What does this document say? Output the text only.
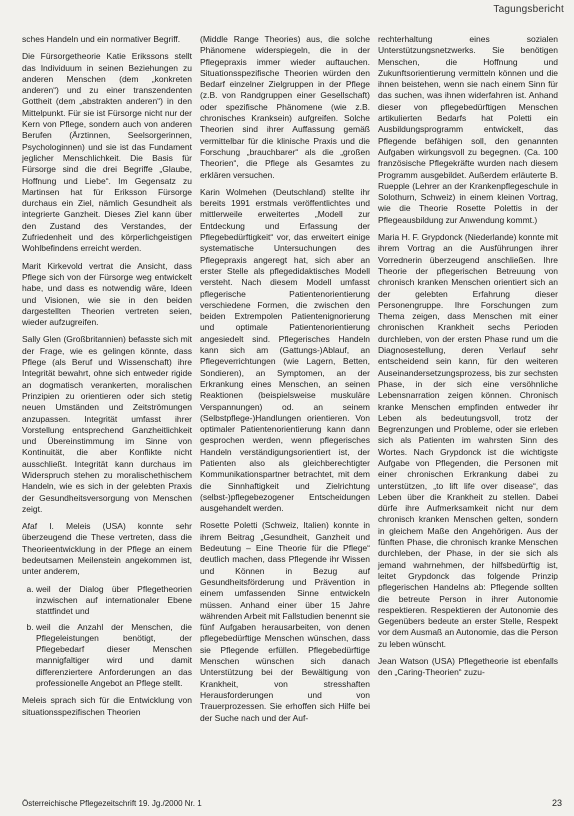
Tagungsbericht

sches Handeln und ein normativer Begriff.

Die Fürsorgetheorie Katie Erikssons stellt das Individuum in seinen Beziehungen zu anderen Menschen (dem „konkreten anderen“) und zu einer transzendenten Gottheit (dem „abstrakten anderen“) in den Mittelpunkt. Für sie ist Fürsorge nicht nur der Kern von Pflege, sondern auch von anderen Berufen (Ärztinnen, Seelsorgerinnen, Psychologinnen) und sie ist das Fundament jeglicher Menschlichkeit. Die Basis für Fürsorge sind die drei Begriffe „Glaube, Hoffnung und Liebe“. Im Gegensatz zu Martinsen hat für Eriksson Fürsorge durchaus ein Ziel, nämlich Gesundheit als integrierte Ganzheit. Dieses Ziel kann über den Zustand des Verstandes, der Zufriedenheit und des körperlichgeistigen Wohlbefindens erreicht werden.

Marit Kirkevold vertrat die Ansicht, dass Pflege sich von der Fürsorge weg entwickelt habe, und dass es notwendig wäre, Ideen und Visionen, wie sie in den beiden dargestellten Theorien vertreten seien, wieder aufzugreifen.

Sally Glen (Großbritannien) befasste sich mit der Frage, wie es gelingen könnte, dass Pflege (als Beruf und Wissenschaft) ihre Integrität bewahrt, ohne sich entweder rigide an dogmatisch verankerten, moralischen Prinzipien zu orientieren oder sich stetig neuen Umständen und Zeitströmungen anzupassen. Integrität umfasst ihrer Vorstellung entsprechend Ganzheitlichkeit und Übereinstimmung im Sinne von Kontinuität, die aber Konflikte nicht ausschließt. Integrität kann durchaus im Widerspruch stehen zu moralischethischem Handeln, wie es sich in der gelebten Praxis der Gesundheitsversorgung von Menschen zeigt.

Afaf I. Meleis (USA) konnte sehr überzeugend die These vertreten, dass die Theorieentwicklung in der Pflege an einem bedeutsamen Meilenstein angekommen ist, unter anderem,

a. weil der Dialog über Pflegetheorien inzwischen auf internationaler Ebene stattfindet und
b. weil die Anzahl der Menschen, die Pflegeleistungen benötigt, der Pflegebedarf dieser Menschen mannigfaltiger wird und damit differenziertere Anforderungen an das professionelle Angebot an Pflege stellt.

Meleis sprach sich für die Entwicklung von situationsspezifischen Theorien

(Middle Range Theories) aus, die solche Phänomene widerspiegeln, die in der Pflegepraxis immer wieder auftauchen. Situationsspezifische Theorien würden den Bedarf einzelner Zielgruppen in der Pflege (z.B. von Randgruppen einer Gesellschaft) oder spezifische Phänomene (wie z.B. chronisches Kranksein) aufgreifen. Solche Theorien sind ihrer Auffassung gemäß vermittelbar für die klinische Praxis und die Forschung „brauchbarer“ als die „großen Theorien“, die Pflege als Gesamtes zu erklären versuchen.

Karin Wolmehen (Deutschland) stellte ihr bereits 1991 erstmals veröffentlichtes und mittlerweile erweitertes „Modell zur Entdeckung und Erfassung der Pflegebedürftigkeit“ vor, das erweitert einige systematische Untersuchungen des Pflegepraxis angeregt hat, sich aber an erster Stelle als pflegedidaktisches Modell versteht. Nach diesem Modell umfasst pflegerische Patientenorientierung verschiedene Formen, die zwischen den beiden Extrempolen Patientenignorierung und optimale Patientenorientierung angesiedelt sind. Pflegerisches Handeln kann sich am (Gattungs-)Ablauf, an Pflegeverrichtungen (wie Lagern, Betten, Sondieren), an Symptomen, an der Erkrankung eines Menschen, an seinen Reaktionen (beispielsweise muskuläre Verspannungen) od. an seinem (Selbstpflege-)Handlungen orientieren. Von optimaler Patientenorientierung kann dann gesprochen werden, wenn pflegerisches Handeln verständigungsorientiert ist, der Patienten also als gleichberechtigter Kommunikationspartner betrachtet, mit dem die Sinnhaftigkeit und Zielrichtung (selbst-)pflegebezogener Entscheidungen ausgehandelt werden.

Rosette Poletti (Schweiz, Italien) konnte in ihrem Beitrag „Gesundheit, Ganzheit und Bedeutung – Eine Theorie für die Pflege“ deutlich machen, dass Pflegende ihr Wissen und Können in Bezug auf Gesundheitsförderung und Prävention in einem umfassenden Sinne entwickeln müssen. Anhand einer über 15 Jahre währenden Arbeit mit Fallstudien benennt sie fünf Aufgaben herausarbeiten, von denen pflegebedürftige Menschen wünschen, dass sie Pflegende erfüllen. Pflegebedürftige Menschen wünschen sich danach Unterstützung bei der Bewältigung von Krankheit, von stresshaften Herausforderungen und von Trauerprozessen. Sie erhoffen sich Hilfe bei der Suche nach und der Auf-

rechterhaltung eines sozialen Unterstützungsnetzwerks. Sie benötigen Menschen, die Hoffnung und Zukunftsorientierung vermitteln können und die ihnen beistehen, wenn sie nach einem Sinn für das suchen, was ihnen widerfahren ist. Anhand dieser von pflegebedürftigen Menschen artikulierten Bedarfs hat Poletti ein Ausbildungsprogramm entwickelt, das Pflegende befähigen soll, den genannten Aufgaben wirkungsvoll zu begegnen. (Ca. 100 französische Pflegekräfte wurden nach diesem Programm ausgebildet. Außerdem erläuterte B. Ruepple (Lehrer an der Krankenpflegeschule in Solothurn, Schweiz) in einem kleinen Vortrag, wie die Theorie Rosette Polettis in der Pflegeausbildung zur Anwendung kommt.)

Maria H. F. Grypdonck (Niederlande) konnte mit ihrem Vortrag an die Ausführungen ihrer Vorrednerin überzeugend anschließen. Ihre Theorie der pflegerischen Betreuung von chronisch kranken Menschen orientiert sich an der gelebten Erfahrung dieser Personengruppe. Ihre Forschungen zum Thema zeigen, dass Menschen mit einer chronischen Krankheit sechs Perioden durchleben, von der ersten Phase rund um die Diagnosestellung, deren Verlauf sehr entscheidend sein kann, für den weiteren Auseinandersetzungsprozess, bis zur sechsten Phase, in der sich eine versöhnliche Lebensnarration zeigen können. Chronisch kranke Menschen empfinden entweder ihr Leben als bedeutungsvoll, trotz der Begrenzungen und Probleme, oder sie erleben sich als Patienten im wahrsten Sinn des Wortes. Nach Grypdonck ist die wichtigste Aufgabe von Pflegenden, die Personen mit einer chronischen Erkrankung dabei zu unterstützen, „to lift life over disease“, das Leben über die Krankheit zu stellen. Dabei dürfe ihre Aufmerksamkeit nicht nur dem chronisch kranken Menschen gelten, sondern in gleichem Maße den Angehörigen. Aus der fünften Phase, die chronisch kranke Menschen durchleben, der Phase, in der sie sich als jemand wahrnehmen, der hilfsbedürftig ist, leitet Grypdonck das folgende Prinzip pflegerischen Handelns ab: Pflegende sollten die betreute Person in ihrer Autonomie respektieren. Respektieren der Autonomie des Gegenübers bedeute an erster Stelle, Respekt vor dem Ausmaß an Autonomie, das die Person zu leben wünscht.

Jean Watson (USA) Pflegetheorie ist ebenfalls den „Caring-Theorien“ zuzu-

Österreichische Pflegezeitschrift 19. Jg./2000 Nr. 1	23
